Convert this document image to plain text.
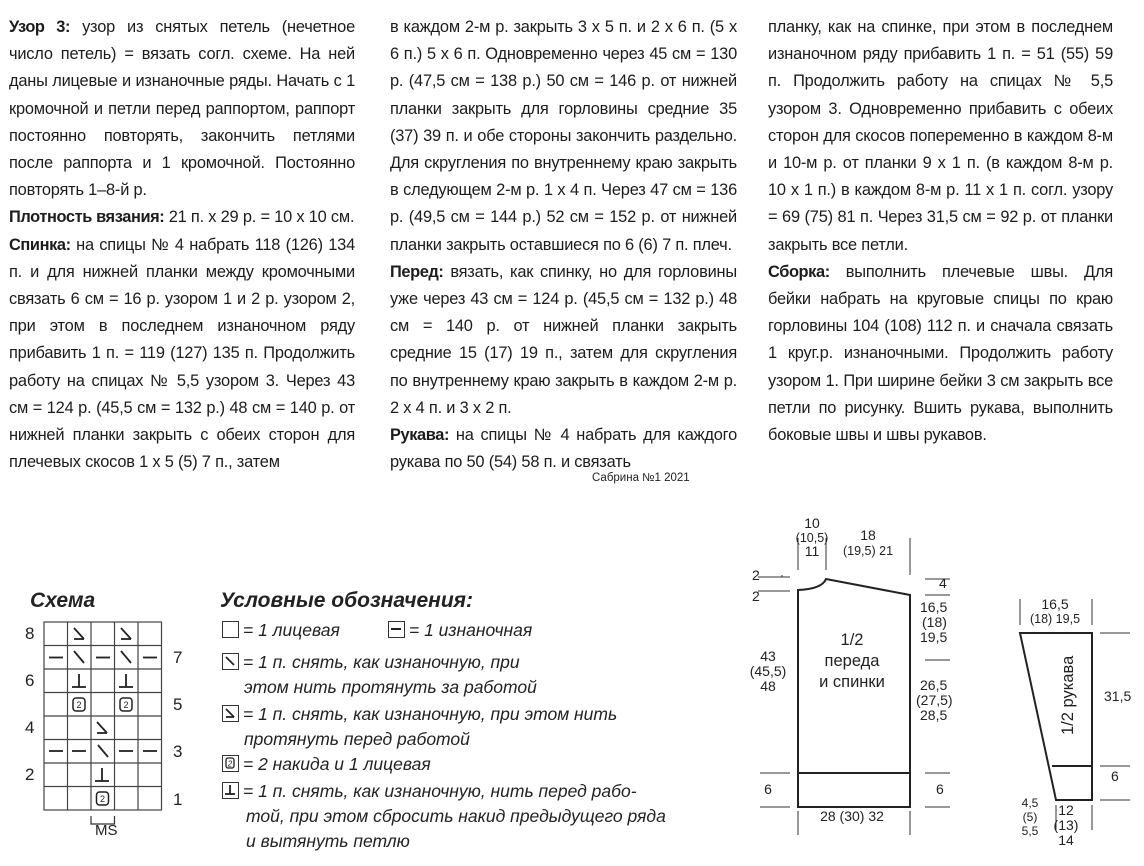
Узор 3: узор из снятых петель (нечетное число петель) = вязать согл. схеме. На ней даны лицевые и изнаночные ряды. Начать с 1 кромочной и петли перед раппортом, раппорт постоянно повторять, закончить петлями после раппорта и 1 кромочной. Постоянно повторять 1–8-й р.

Плотность вязания: 21 п. х 29 р. = 10 х 10 см.

Спинка: на спицы № 4 набрать 118 (126) 134 п. и для нижней планки между кромочными связать 6 см = 16 р. узором 1 и 2 р. узором 2, при этом в последнем изнаночном ряду прибавить 1 п. = 119 (127) 135 п. Продолжить работу на спицах № 5,5 узором 3. Через 43 см = 124 р. (45,5 см = 132 р.) 48 см = 140 р. от нижней планки закрыть с обеих сторон для плечевых скосов 1 х 5 (5) 7 п., затем

в каждом 2-м р. закрыть 3 х 5 п. и 2 х 6 п. (5 х 6 п.) 5 х 6 п. Одновременно через 45 см = 130 р. (47,5 см = 138 р.) 50 см = 146 р. от нижней планки закрыть для горловины средние 35 (37) 39 п. и обе стороны закончить раздельно. Для скругления по внутреннему краю закрыть в следующем 2-м р. 1 х 4 п. Через 47 см = 136 р. (49,5 см = 144 р.) 52 см = 152 р. от нижней планки закрыть оставшиеся по 6 (6) 7 п. плеч.

Перед: вязать, как спинку, но для горловины уже через 43 см = 124 р. (45,5 см = 132 р.) 48 см = 140 р. от нижней планки закрыть средние 15 (17) 19 п., затем для скругления по внутреннему краю закрыть в каждом 2-м р. 2 х 4 п. и 3 х 2 п.

Рукава: на спицы № 4 набрать для каждого рукава по 50 (54) 58 п. и связать

планку, как на спинке, при этом в последнем изнаночном ряду прибавить 1 п. = 51 (55) 59 п. Продолжить работу на спицах № 5,5 узором 3. Одновременно прибавить с обеих сторон для скосов попеременно в каждом 8-м и 10-м р. от планки 9 х 1 п. (в каждом 8-м р. 10 х 1 п.) в каждом 8-м р. 11 х 1 п. согл. узору = 69 (75) 81 п. Через 31,5 см = 92 р. от планки закрыть все петли.

Сборка: выполнить плечевые швы. Для бейки набрать на круговые спицы по краю горловины 104 (108) 112 п. и сначала связать 1 круг.р. изнаночными. Продолжить работу узором 1. При ширине бейки 3 см закрыть все петли по рисунку. Вшить рукава, выполнить боковые швы и швы рукавов.

Сабрина №1 2021
Схема
2	2
2
8
6
4
2
7
5
3
1
MS
Условные обозначения:
= 1 лицевая	= 1 изнаночная
= 1 п. снять, как изнаночную, при
этом нить протянуть за работой
= 1 п. снять, как изнаночную, при этом нить
протянуть перед работой
2 = 2 накида и 1 лицевая
= 1 п. снять, как изнаночную, нить перед рабо-
той, при этом сбросить накид предыдущего ряда
и вытянуть петлю
10
(10,5)
11
18
(19,5) 21
2
2
4
16,5
(18)
19,5
43
(45,5)
48
1/2
переда
и спинки	26,5
(27,5)
28,5
6	6
28 (30) 32
16,5
(18) 19,5
1/2 рукава 31,5
6
4,5
(5)
5,5
12
(13)
14
